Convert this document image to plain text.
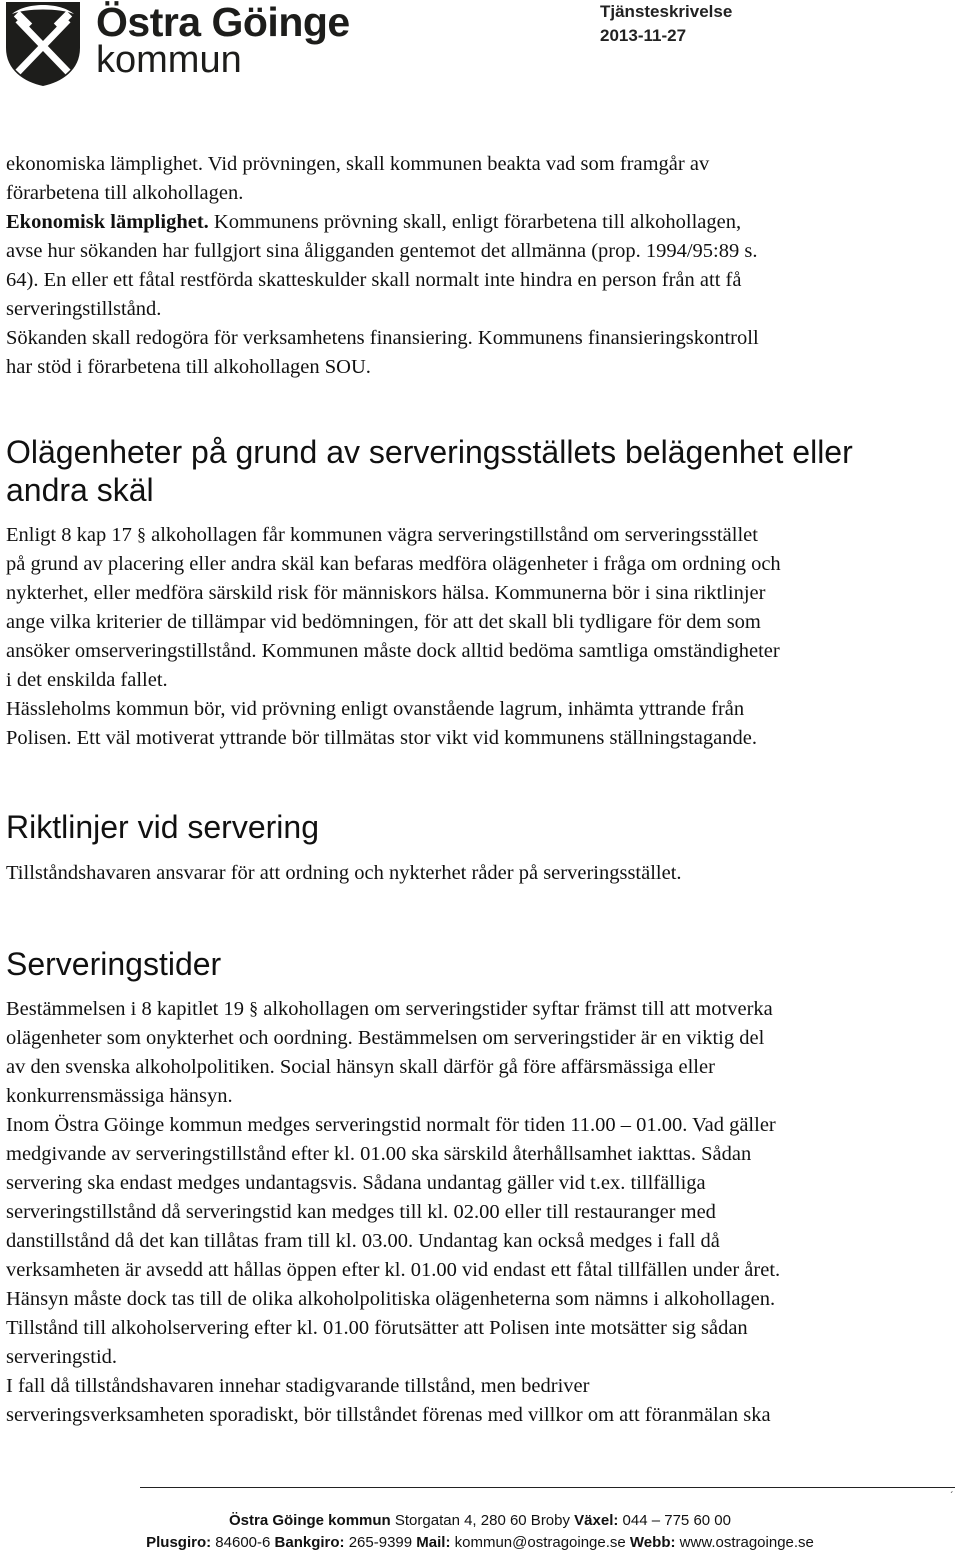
Östra Göinge
kommun
Tjänsteskrivelse
2013-11-27
ekonomiska lämplighet. Vid prövningen, skall kommunen beakta vad som framgår av
förarbetena till alkohollagen.
Ekonomisk lämplighet. Kommunens prövning skall, enligt förarbetena till alkohollagen,
avse hur sökanden har fullgjort sina åligganden gentemot det allmänna (prop. 1994/95:89 s.
64). En eller ett fåtal restförda skatteskulder skall normalt inte hindra en person från att få
serveringstillstånd.
Sökanden skall redogöra för verksamhetens finansiering. Kommunens finansieringskontroll
har stöd i förarbetena till alkohollagen SOU.
Olägenheter på grund av serveringsställets belägenhet eller
andra skäl
Enligt 8 kap 17 § alkohollagen får kommunen vägra serveringstillstånd om serveringsstället
på grund av placering eller andra skäl kan befaras medföra olägenheter i fråga om ordning och
nykterhet, eller medföra särskild risk för människors hälsa. Kommunerna bör i sina riktlinjer
ange vilka kriterier de tillämpar vid bedömningen, för att det skall bli tydligare för dem som
ansöker omserveringstillstånd. Kommunen måste dock alltid bedöma samtliga omständigheter
i det enskilda fallet.
Hässleholms kommun bör, vid prövning enligt ovanstående lagrum, inhämta yttrande från
Polisen. Ett väl motiverat yttrande bör tillmätas stor vikt vid kommunens ställningstagande.
Riktlinjer vid servering
Tillståndshavaren ansvarar för att ordning och nykterhet råder på serveringsstället.
Serveringstider
Bestämmelsen i 8 kapitlet 19 § alkohollagen om serveringstider syftar främst till att motverka
olägenheter som onykterhet och oordning. Bestämmelsen om serveringstider är en viktig del
av den svenska alkoholpolitiken. Social hänsyn skall därför gå före affärsmässiga eller
konkurrensmässiga hänsyn.
Inom Östra Göinge kommun medges serveringstid normalt för tiden 11.00 – 01.00. Vad gäller
medgivande av serveringstillstånd efter kl. 01.00 ska särskild återhållsamhet iakttas. Sådan
servering ska endast medges undantagsvis. Sådana undantag gäller vid t.ex. tillfälliga
serveringstillstånd då serveringstid kan medges till kl. 02.00 eller till restauranger med
danstillstånd då det kan tillåtas fram till kl. 03.00. Undantag kan också medges i fall då
verksamheten är avsedd att hållas öppen efter kl. 01.00 vid endast ett fåtal tillfällen under året.
Hänsyn måste dock tas till de olika alkoholpolitiska olägenheterna som nämns i alkohollagen.
Tillstånd till alkoholservering efter kl. 01.00 förutsätter att Polisen inte motsätter sig sådan
serveringstid.
I fall då tillståndshavaren innehar stadigvarande tillstånd, men bedriver
serveringsverksamheten sporadiskt, bör tillståndet förenas med villkor om att föranmälan ska
´
Östra Göinge kommun Storgatan 4, 280 60 Broby Växel: 044 – 775 60 00
Plusgiro: 84600-6 Bankgiro: 265-9399 Mail: kommun@ostragoinge.se Webb: www.ostragoinge.se
